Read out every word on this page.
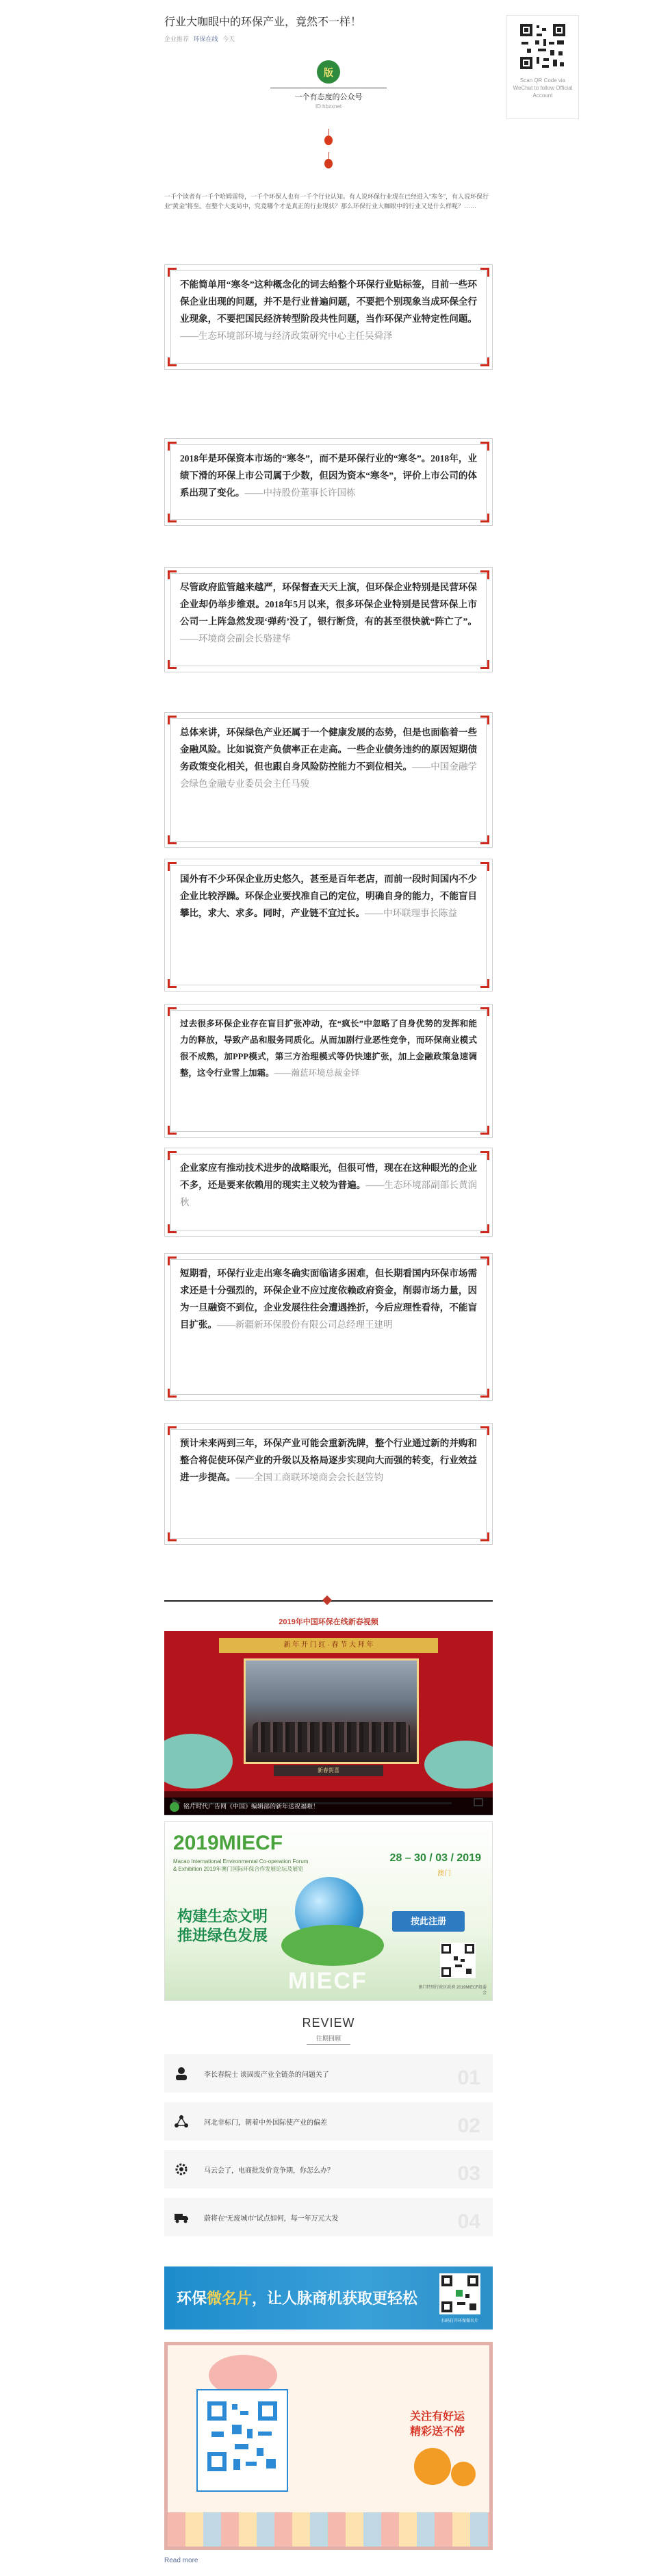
行业大咖眼中的环保产业，竟然不一样！
企业推荐 环保在线 今天
Scan QR Code via WeChat to follow Official Account
版
一个有态度的公众号
ID:hbzxnet
一千个读者有一千个哈姆雷特，一千个环保人也有一千个行业认知。有人说环保行业现在已经进入“寒冬”，有人说环保行业“黄金”将至。在整个大变局中，究竟哪个才是真正的行业现状？那么环保行业大咖眼中的行业又是什么样呢？……
不能简单用“寒冬”这种概念化的词去给整个环保行业贴标签，目前一些环保企业出现的问题，并不是行业普遍问题，不要把个别现象当成环保全行业现象，不要把国民经济转型阶段共性问题，当作环保产业特定性问题。——生态环境部环境与经济政策研究中心主任吴舜泽
2018年是环保资本市场的“寒冬”，而不是环保行业的“寒冬”。2018年，业绩下滑的环保上市公司属于少数，但因为资本“寒冬”，评价上市公司的体系出现了变化。——中持股份董事长许国栋
尽管政府监管越来越严，环保督查天天上演，但环保企业特别是民营环保企业却仍举步维艰。2018年5月以来，很多环保企业特别是民营环保上市公司一上阵急然发现‘弹药’没了，银行断贷，有的甚至很快就“阵亡了”。——环境商会副会长骆建华
总体来讲，环保绿色产业还属于一个健康发展的态势，但是也面临着一些金融风险。比如说资产负债率正在走高。一些企业债务违约的原因短期债务政策变化相关，但也跟自身风险防控能力不到位相关。——中国金融学会绿色金融专业委员会主任马骏
国外有不少环保企业历史悠久，甚至是百年老店，而前一段时间国内不少企业比较浮躁。环保企业要找准自己的定位，明确自身的能力，不能盲目攀比，求大、求多。同时，产业链不宜过长。——中环联理事长陈益
过去很多环保企业存在盲目扩张冲动，在“疯长”中忽略了自身优势的发挥和能力的释放，导致产品和服务同质化。从而加剧行业恶性竞争，而环保商业模式很不成熟，加PPP模式，第三方治理模式等仍快速扩张，加上金融政策急速调整，这令行业雪上加霜。——瀚蓝环境总裁金铎
企业家应有推动技术进步的战略眼光，但很可惜，现在在这种眼光的企业不多，还是要来依赖用的现实主义较为普遍。——生态环境部副部长黄润秋
短期看，环保行业走出寒冬确实面临诸多困难，但长期看国内环保市场需求还是十分强烈的，环保企业不应过度依赖政府资金，削弱市场力量，因为一旦融资不到位，企业发展往往会遭遇挫折，今后应理性看待，不能盲目扩张。——新疆新环保股份有限公司总经理王建明
预计未来两到三年，环保产业可能会重新洗牌，整个行业通过新的并购和整合将促使环保产业的升级以及格局逐步实现向大而强的转变，行业效益进一步提高。——全国工商联环境商会会长赵笠钧
2019年中国环保在线新春视频
新 年 开 门 红 · 春 节 大 拜 年
新春贺喜
铭片时代广告网《中国》编辑部的新年送祝福啦！
2019MIECF
Macao International Environmental Co-operation Forum & Exhibition 2019年澳门国际环保合作发展论坛及展览
28 – 30 / 03 / 2019
澳门
构建生态文明 推进绿色发展
按此注册
MIECF	澳门特别行政区政府 2019MIECF组委会
REVIEW
往期回顾
李长春院士 谈固废产业全链条的问题关了	01
河北非标门，朝着中外国际使产业的偏差	02
马云会了，电商批发价竞争期，你怎么办？	03
蔚将在“无废城市”试点如何，每一年万元大发	04
环保微名片，让人脉商机获取更轻松
扫码打开环保微名片
关注有好运
精彩送不停
Read more
